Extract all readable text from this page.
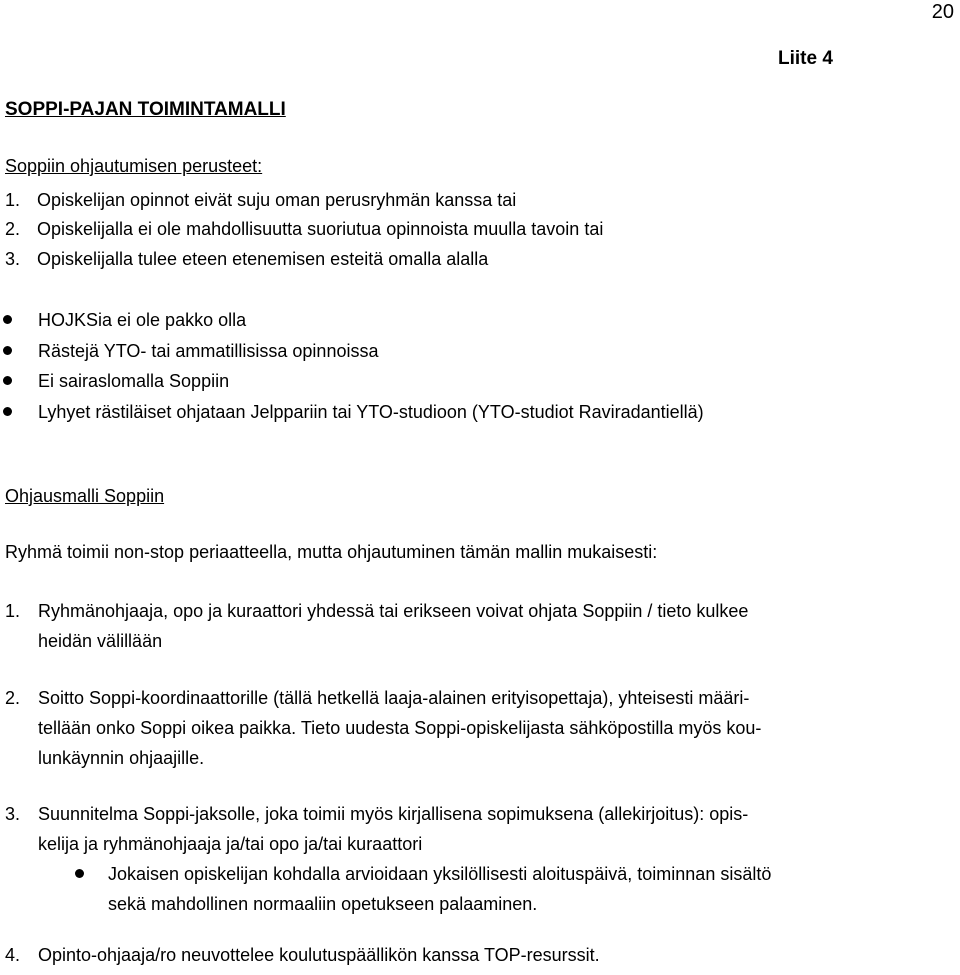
20
Liite 4
SOPPI-PAJAN TOIMINTAMALLI
Soppiin ohjautumisen perusteet:
1. Opiskelijan opinnot eivät suju oman perusryhmän kanssa tai
2. Opiskelijalla ei ole mahdollisuutta suoriutua opinnoista muulla tavoin tai
3. Opiskelijalla tulee eteen etenemisen esteitä omalla alalla
HOJKSia ei ole pakko olla
Rästejä YTO- tai ammatillisissa opinnoissa
Ei sairaslomalla Soppiin
Lyhyet rästiläiset ohjataan Jelppariin tai YTO-studioon (YTO-studiot Raviradantiellä)
Ohjausmalli Soppiin
Ryhmä toimii non-stop periaatteella, mutta ohjautuminen tämän mallin mukaisesti:
1. Ryhmänohjaaja, opo ja kuraattori yhdessä tai erikseen voivat ohjata Soppiin / tieto kulkee
heidän välillään
2. Soitto Soppi-koordinaattorille (tällä hetkellä laaja-alainen erityisopettaja), yhteisesti määri-
tellään onko Soppi oikea paikka. Tieto uudesta Soppi-opiskelijasta sähköpostilla myös kou-
lunkäynnin ohjaajille.
3. Suunnitelma Soppi-jaksolle, joka toimii myös kirjallisena sopimuksena (allekirjoitus): opis-
kelija ja ryhmänohjaaja ja/tai opo ja/tai kuraattori
Jokaisen opiskelijan kohdalla arvioidaan yksilöllisesti aloituspäivä, toiminnan sisältö
sekä mahdollinen normaaliin opetukseen palaaminen.
4. Opinto-ohjaaja/ro neuvottelee koulutuspäällikön kanssa TOP-resurssit.
